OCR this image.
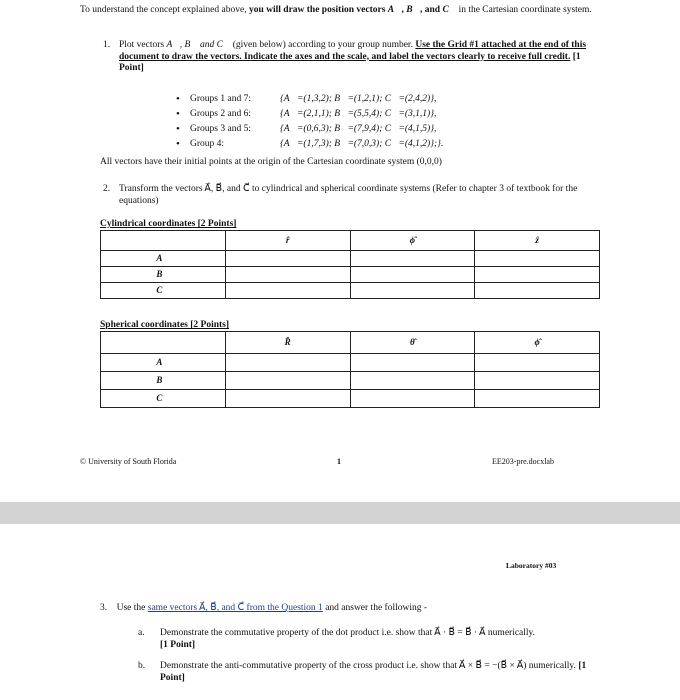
To understand the concept explained above, you will draw the position vectors A⃗, B⃗, and C⃗ in the Cartesian coordinate system.
1. Plot vectors A⃗, B⃗ and C⃗ (given below) according to your group number. Use the Grid #1 attached at the end of this document to draw the vectors. Indicate the axes and the scale, and label the vectors clearly to receive full credit. [1 Point]
•	Groups 1 and 7:	{A⃗=(1,3,2); B⃗=(1,2,1); C⃗=(2,4,2)},
•	Groups 2 and 6:	{A⃗=(2,1,1); B⃗=(5,5,4); C⃗=(3,1,1)},
•	Groups 3 and 5:	{A⃗=(0,6,3); B⃗=(7,9,4); C⃗=(4,1,5)},
•	Group 4:	{A⃗=(1,7,3); B⃗=(7,0,3); C⃗=(4,1,2)};}.
All vectors have their initial points at the origin of the Cartesian coordinate system (0,0,0)
2. Transform the vectors A⃗, B⃗, and C⃗ to cylindrical and spherical coordinate systems (Refer to chapter 3 of textbook for the equations)
Cylindrical coordinates [2 Points]
	r̂	ϕ̂	ẑ
A⃗			
B⃗			
C⃗			
Spherical coordinates [2 Points]
	R̂	θ̂	ϕ̂
A⃗			
B⃗			
C⃗			
© University of South Florida	1	EE203-pre.docxlab
Laboratory #03
3. Use the same vectors A⃗, B⃗, and C⃗ from the Question 1 and answer the following -
a. Demonstrate the commutative property of the dot product i.e. show that A⃗ · B⃗ = B⃗ · A⃗ numerically.
[1 Point]
b. Demonstrate the anti-commutative property of the cross product i.e. show that A⃗ × B⃗ = −(B⃗ × A⃗) numerically. [1 Point]
